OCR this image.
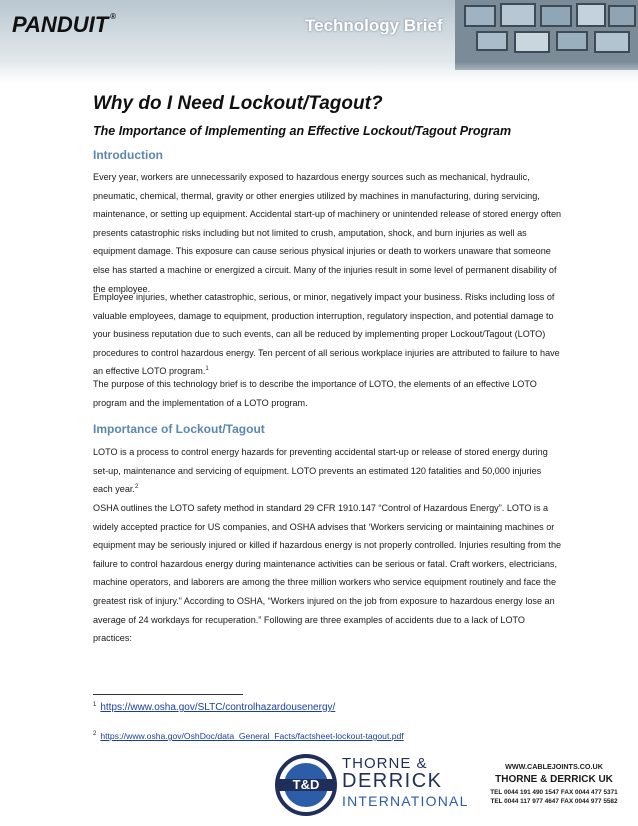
PANDUIT ®	Technology Brief
Why do I Need Lockout/Tagout?
The Importance of Implementing an Effective Lockout/Tagout Program
Introduction

Every year, workers are unnecessarily exposed to hazardous energy sources such as mechanical, hydraulic, pneumatic, chemical, thermal, gravity or other energies utilized by machines in manufacturing, during servicing, maintenance, or setting up equipment. Accidental start-up of machinery or unintended release of stored energy often presents catastrophic risks including but not limited to crush, amputation, shock, and burn injuries as well as equipment damage. This exposure can cause serious physical injuries or death to workers unaware that someone else has started a machine or energized a circuit. Many of the injuries result in some level of permanent disability of the employee.

Employee injuries, whether catastrophic, serious, or minor, negatively impact your business. Risks including loss of valuable employees, damage to equipment, production interruption, regulatory inspection, and potential damage to your business reputation due to such events, can all be reduced by implementing proper Lockout/Tagout (LOTO) procedures to control hazardous energy. Ten percent of all serious workplace injuries are attributed to failure to have an effective LOTO program.$^1$

The purpose of this technology brief is to describe the importance of LOTO, the elements of an effective LOTO program and the implementation of a LOTO program.

Importance of Lockout/Tagout

LOTO is a process to control energy hazards for preventing accidental start-up or release of stored energy during set-up, maintenance and servicing of equipment. LOTO prevents an estimated 120 fatalities and 50,000 injuries each year.$^2$

OSHA outlines the LOTO safety method in standard 29 CFR 1910.147 “Control of Hazardous Energy”. LOTO is a widely accepted practice for US companies, and OSHA advises that ‘Workers servicing or maintaining machines or equipment may be seriously injured or killed if hazardous energy is not properly controlled. Injuries resulting from the failure to control hazardous energy during maintenance activities can be serious or fatal. Craft workers, electricians, machine operators, and laborers are among the three million workers who service equipment routinely and face the greatest risk of injury.” According to OSHA, “Workers injured on the job from exposure to hazardous energy lose an average of 24 workdays for recuperation.” Following are three examples of accidents due to a lack of LOTO practices:

$^1$ https://www.osha.gov/SLTC/controlhazardousenergy/
$^2$ https://www.osha.gov/OshDoc/data_General_Facts/factsheet-lockout-tagout.pdf
T&D
THORNE &
DERRICK
INTERNATIONAL
WWW.CABLEJOINTS.CO.UK
THORNE & DERRICK UK
TEL 0044 191 490 1547 FAX 0044 477 5371
TEL 0044 117 977 4647 FAX 0044 977 5582
